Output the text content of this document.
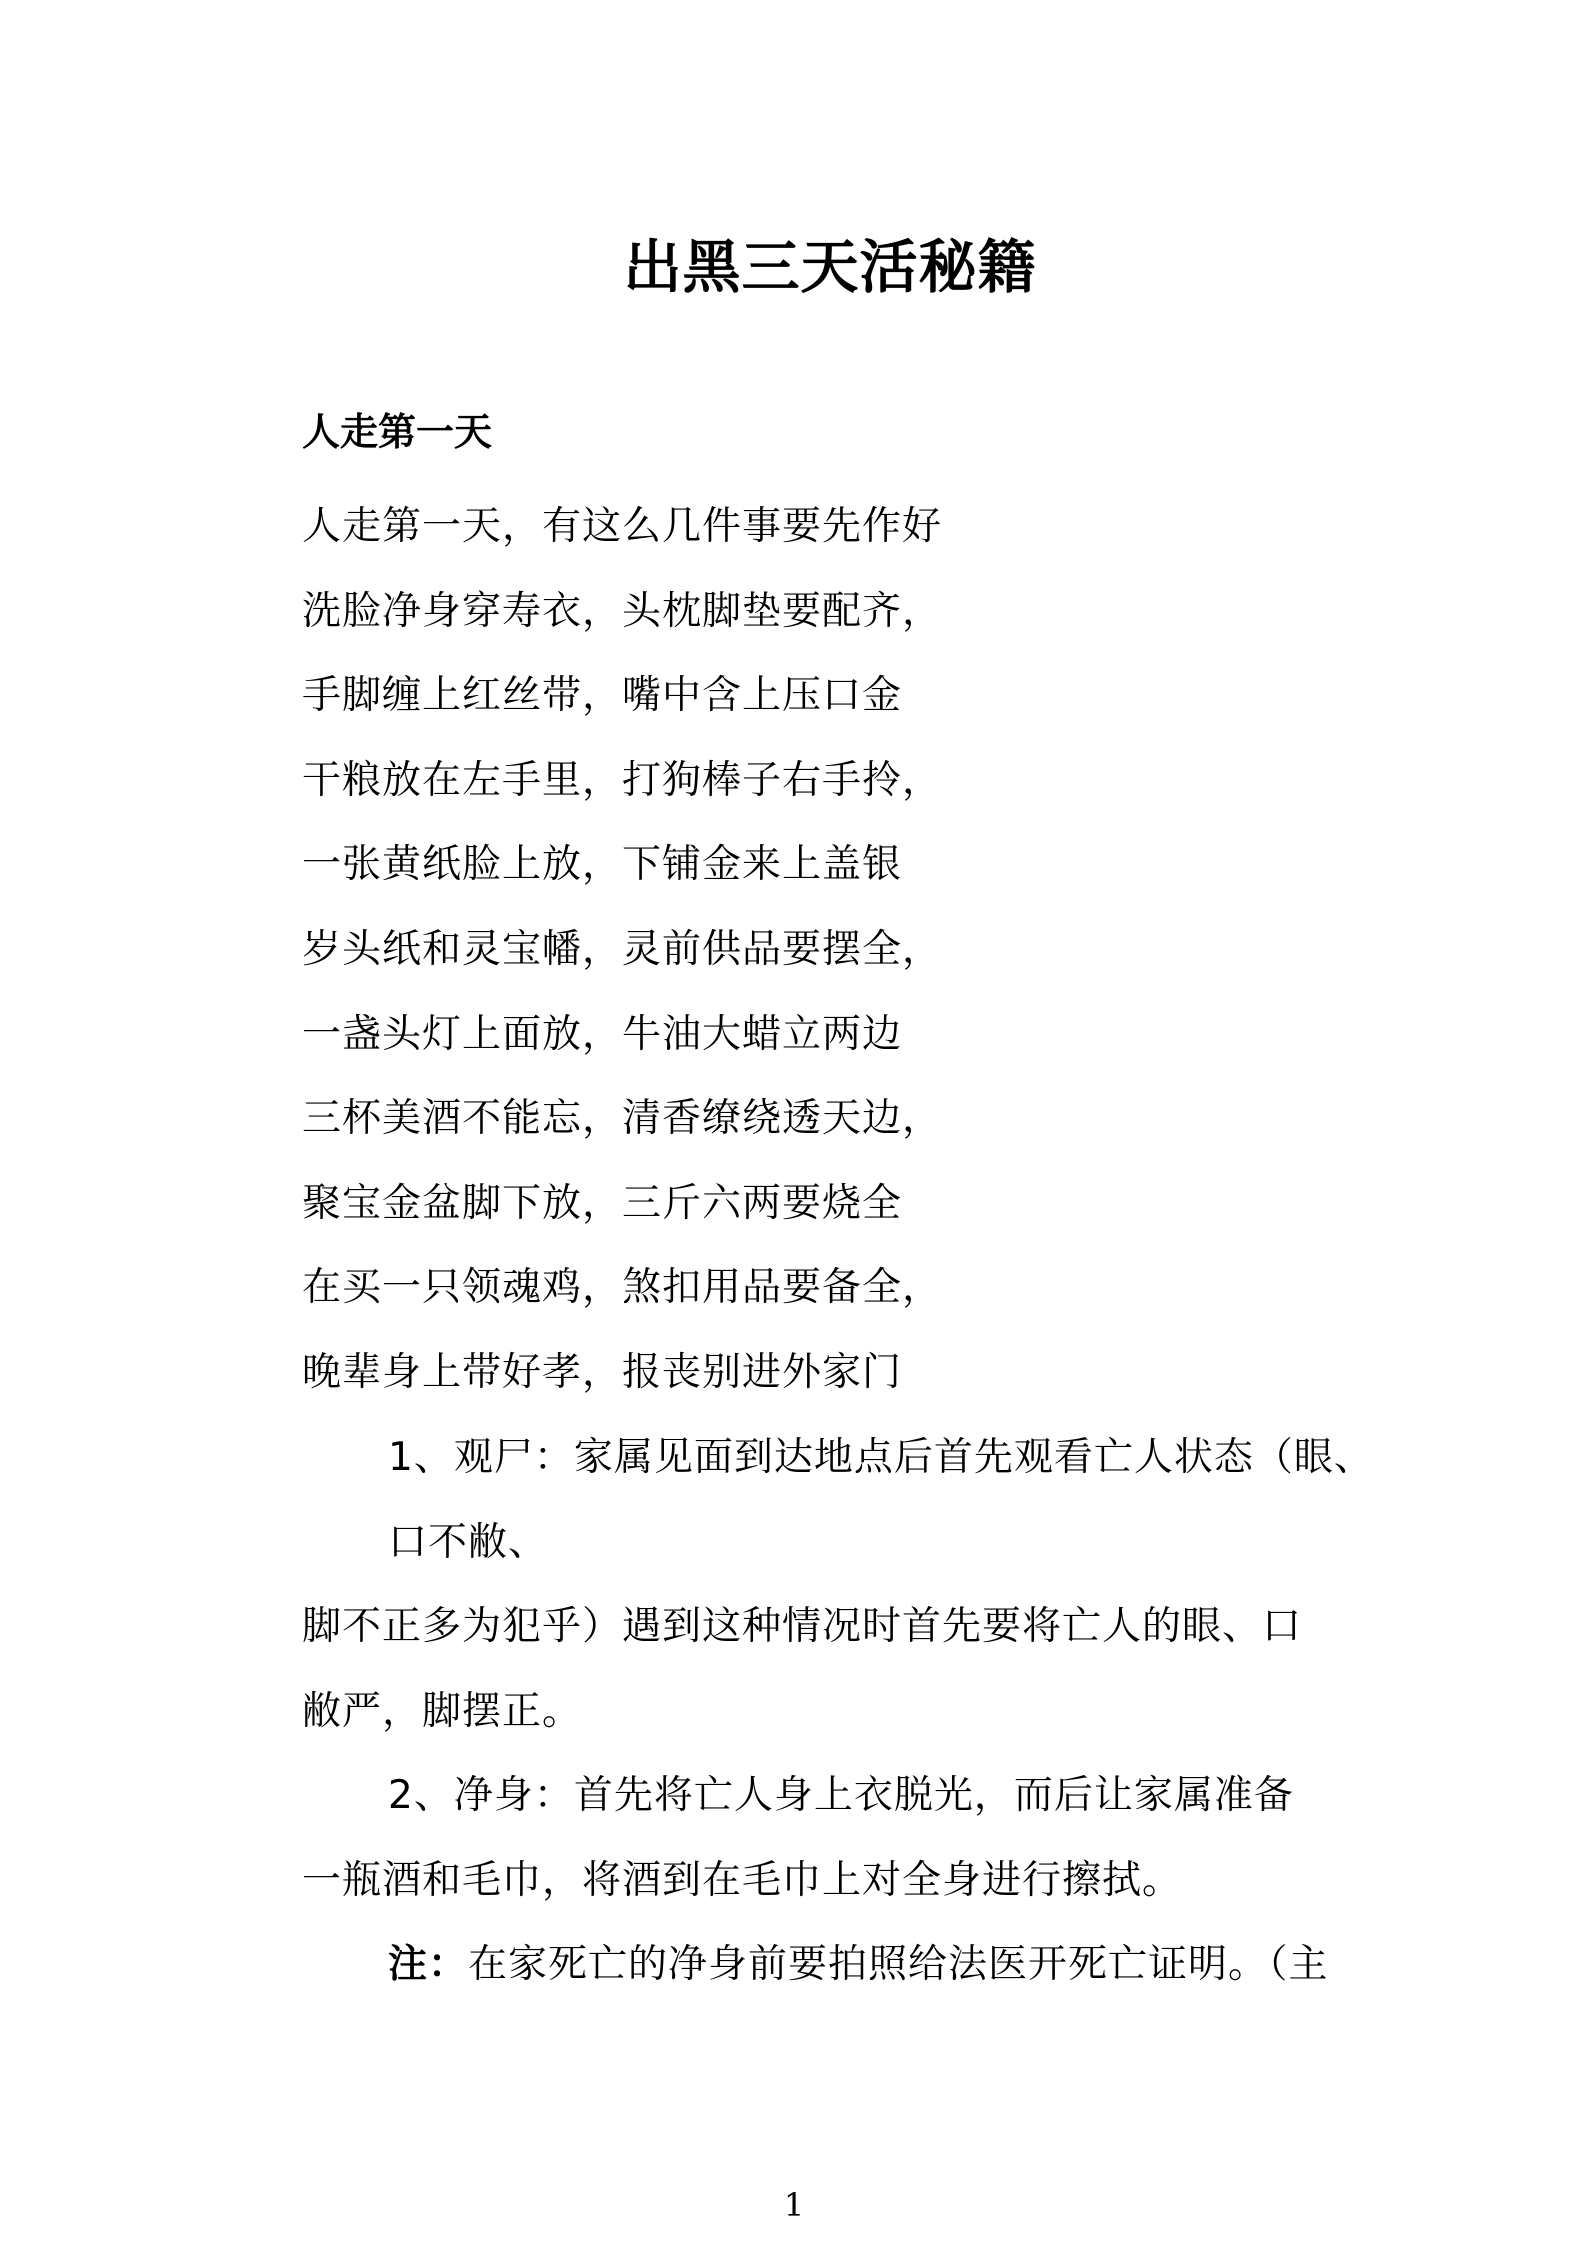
出黑三天活秘籍
人走第一天
人走第一天，有这么几件事要先作好
洗脸净身穿寿衣，头枕脚垫要配齐，
手脚缠上红丝带，嘴中含上压口金
干粮放在左手里，打狗棒子右手拎，
一张黄纸脸上放，下铺金来上盖银
岁头纸和灵宝幡，灵前供品要摆全，
一盏头灯上面放，牛油大蜡立两边
三杯美酒不能忘，清香缭绕透天边，
聚宝金盆脚下放，三斤六两要烧全
在买一只领魂鸡，煞扣用品要备全，
晚辈身上带好孝，报丧别进外家门
1、观尸：家属见面到达地点后首先观看亡人状态（眼、
口不敝、
脚不正多为犯乎）遇到这种情况时首先要将亡人的眼、口
敝严，脚摆正。
2、净身：首先将亡人身上衣脱光，而后让家属准备
一瓶酒和毛巾，将酒到在毛巾上对全身进行擦拭。
注：在家死亡的净身前要拍照给法医开死亡证明。（主
1
